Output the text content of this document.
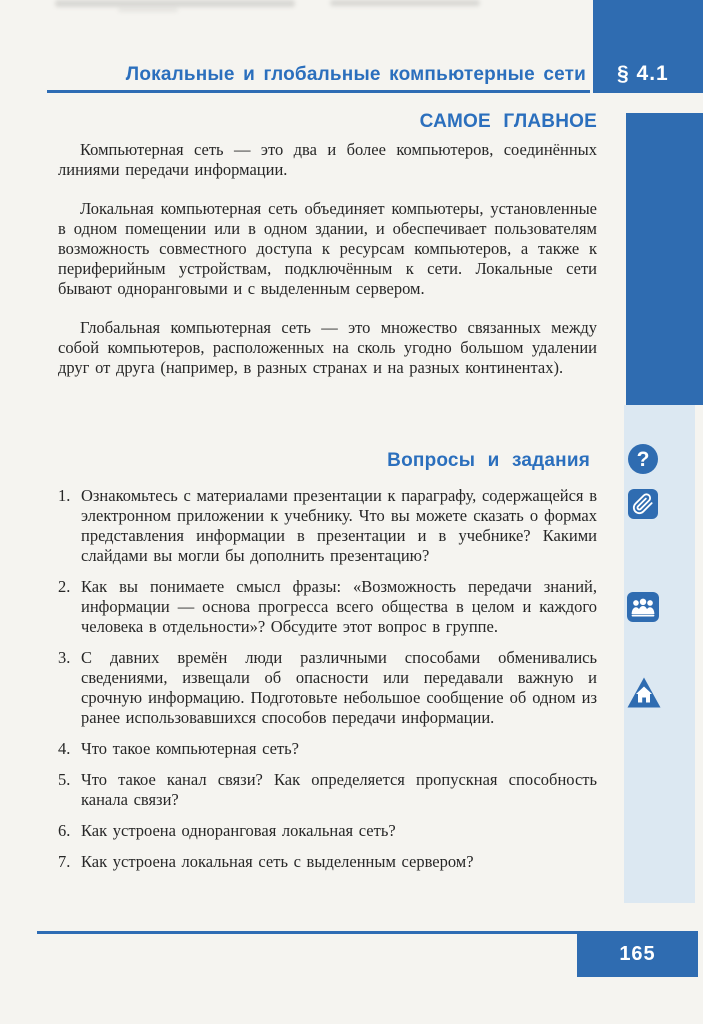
Локальные и глобальные компьютерные сети § 4.1
?
САМОЕ ГЛАВНОЕ

Компьютерная сеть — это два и более компьютеров, соединённых линиями передачи информации.

Локальная компьютерная сеть объединяет компьютеры, установленные в одном помещении или в одном здании, и обеспечивает пользователям возможность совместного доступа к ресурсам компьютеров, а также к периферийным устройствам, подключённым к сети. Локальные сети бывают одноранговыми и с выделенным сервером.

Глобальная компьютерная сеть — это множество связанных между собой компьютеров, расположенных на сколь угодно большом удалении друг от друга (например, в разных странах и на разных континентах).

Вопросы и задания
1. Ознакомьтесь с материалами презентации к параграфу, содержащейся в электронном приложении к учебнику. Что вы можете сказать о формах представления информации в презентации и в учебнике? Какими слайдами вы могли бы дополнить презентацию?
2. Как вы понимаете смысл фразы: «Возможность передачи знаний, информации — основа прогресса всего общества в целом и каждого человека в отдельности»? Обсудите этот вопрос в группе.
3. С давних времён люди различными способами обменивались сведениями, извещали об опасности или передавали важную и срочную информацию. Подготовьте небольшое сообщение об одном из ранее использовавшихся способов передачи информации.
4. Что такое компьютерная сеть?
5. Что такое канал связи? Как определяется пропускная способность канала связи?
6. Как устроена одноранговая локальная сеть?
7. Как устроена локальная сеть с выделенным сервером?
165
